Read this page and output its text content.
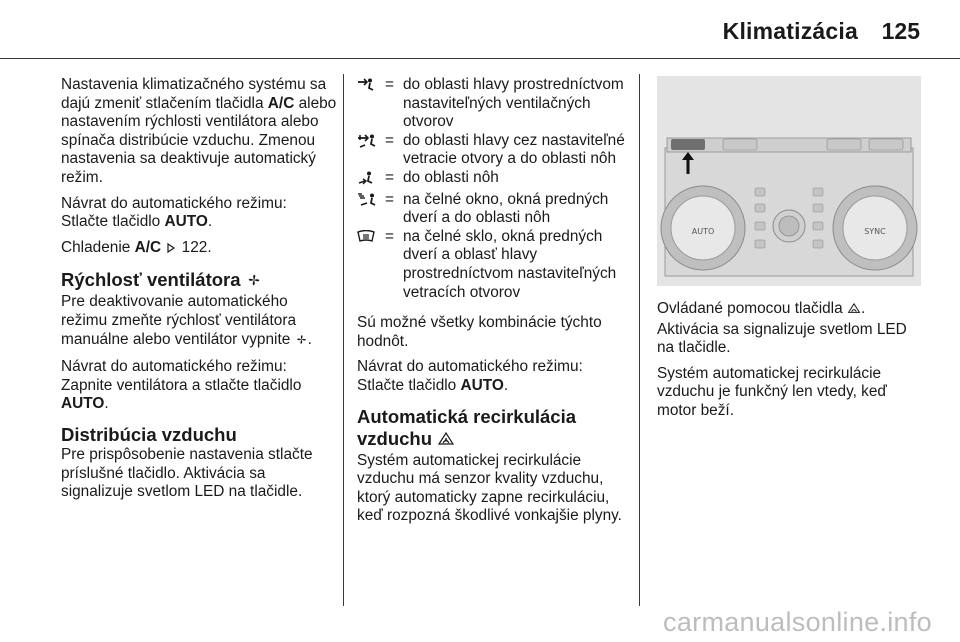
Klimatizácia 125

Nastavenia klimatizačného systému sa dajú zmeniť stlačením tlačidla A/C alebo nastavením rýchlosti ventilátora alebo spínača distribúcie vzduchu. Zmenou nastavenia sa deaktivuje automatický režim.

Návrat do automatického režimu: Stlačte tlačidlo AUTO.

Chladenie A/C 122.

Rýchlosť ventilátora

Pre deaktivovanie automatického režimu zmeňte rýchlosť ventilátora manuálne alebo ventilátor vypnite .

Návrat do automatického režimu: Zapnite ventilátora a stlačte tlačidlo AUTO.

Distribúcia vzduchu

Pre prispôsobenie nastavenia stlačte príslušné tlačidlo. Aktivácia sa signalizuje svetlom LED na tlačidle.

= do oblasti hlavy prostredníctvom nastaviteľných ventilačných otvorov
= do oblasti hlavy cez nastaviteľné vetracie otvory a do oblasti nôh
= do oblasti nôh
= na čelné okno, okná predných dverí a do oblasti nôh
= na čelné sklo, okná predných dverí a oblasť hlavy prostredníctvom nastaviteľných vetracích otvorov

Sú možné všetky kombinácie týchto hodnôt.

Návrat do automatického režimu: Stlačte tlačidlo AUTO.

Automatická recirkulácia
vzduchu A

Systém automatickej recirkulácie vzduchu má senzor kvality vzduchu, ktorý automaticky zapne recirkuláciu, keď rozpozná škodlivé vonkajšie plyny.

AUTO	SYNC

Ovládané pomocou tlačidla .
Aktivácia sa signalizuje svetlom LED na tlačidle.

Systém automatickej recirkulácie vzduchu je funkčný len vtedy, keď motor beží.

carmanualsonline.info
